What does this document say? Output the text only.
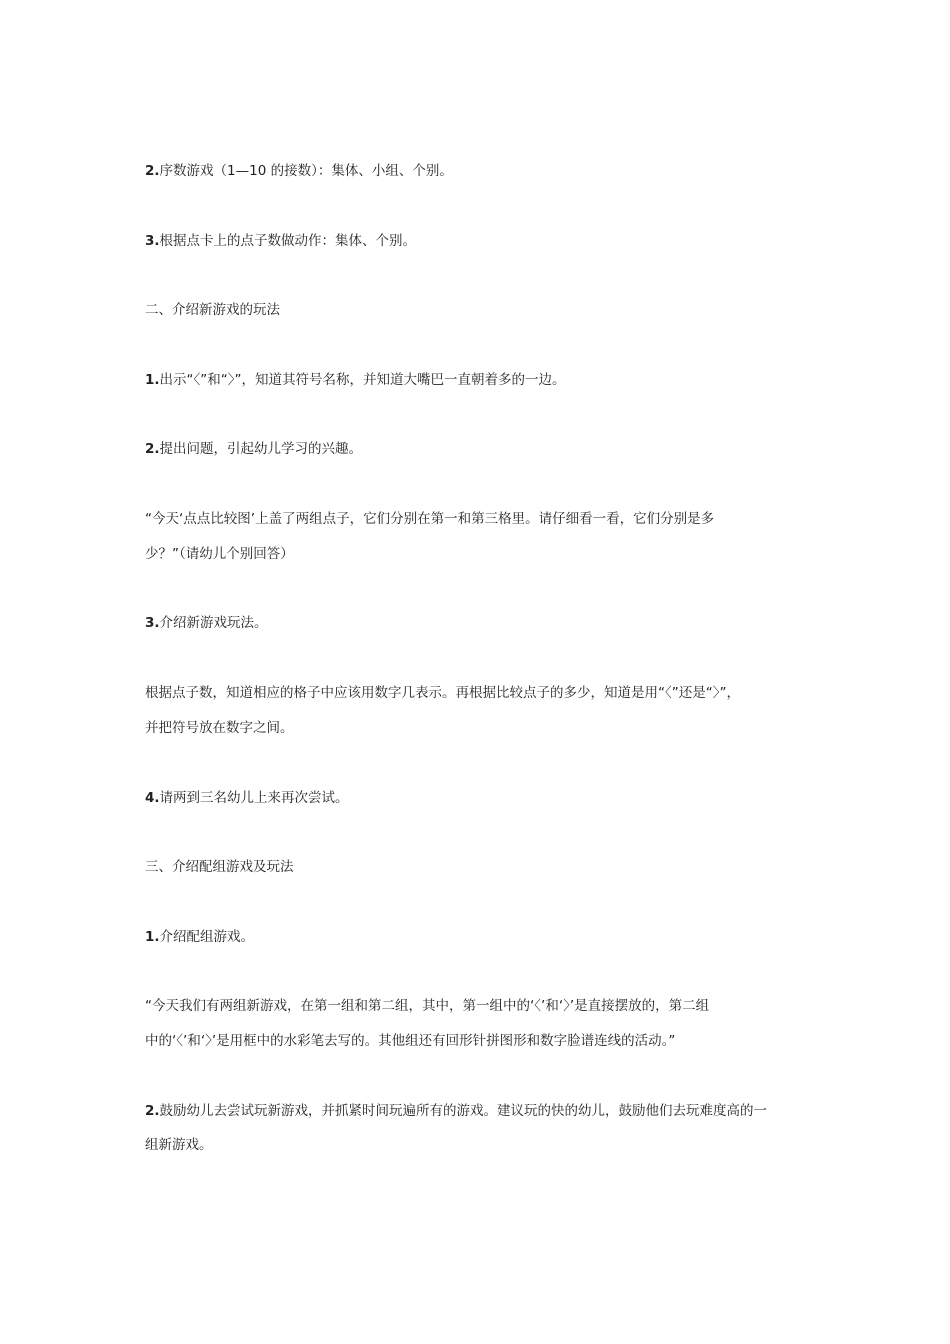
2.序数游戏（1—10 的接数）：集体、小组、个别。
3.根据点卡上的点子数做动作：集体、个别。
二、介绍新游戏的玩法
1.出示“〈”和“〉”，知道其符号名称，并知道大嘴巴一直朝着多的一边。
2.提出问题，引起幼儿学习的兴趣。
“今天‘点点比较图’上盖了两组点子，它们分别在第一和第三格里。请仔细看一看，它们分别是多
少？”（请幼儿个别回答）
3.介绍新游戏玩法。
根据点子数，知道相应的格子中应该用数字几表示。再根据比较点子的多少，知道是用“〈”还是“〉”，
并把符号放在数字之间。
4.请两到三名幼儿上来再次尝试。
三、介绍配组游戏及玩法
1.介绍配组游戏。
“今天我们有两组新游戏，在第一组和第二组，其中，第一组中的‘〈’和‘〉’是直接摆放的，第二组
中的‘〈’和‘〉’是用框中的水彩笔去写的。其他组还有回形针拼图形和数字脸谱连线的活动。”
2.鼓励幼儿去尝试玩新游戏，并抓紧时间玩遍所有的游戏。建议玩的快的幼儿，鼓励他们去玩难度高的一
组新游戏。
